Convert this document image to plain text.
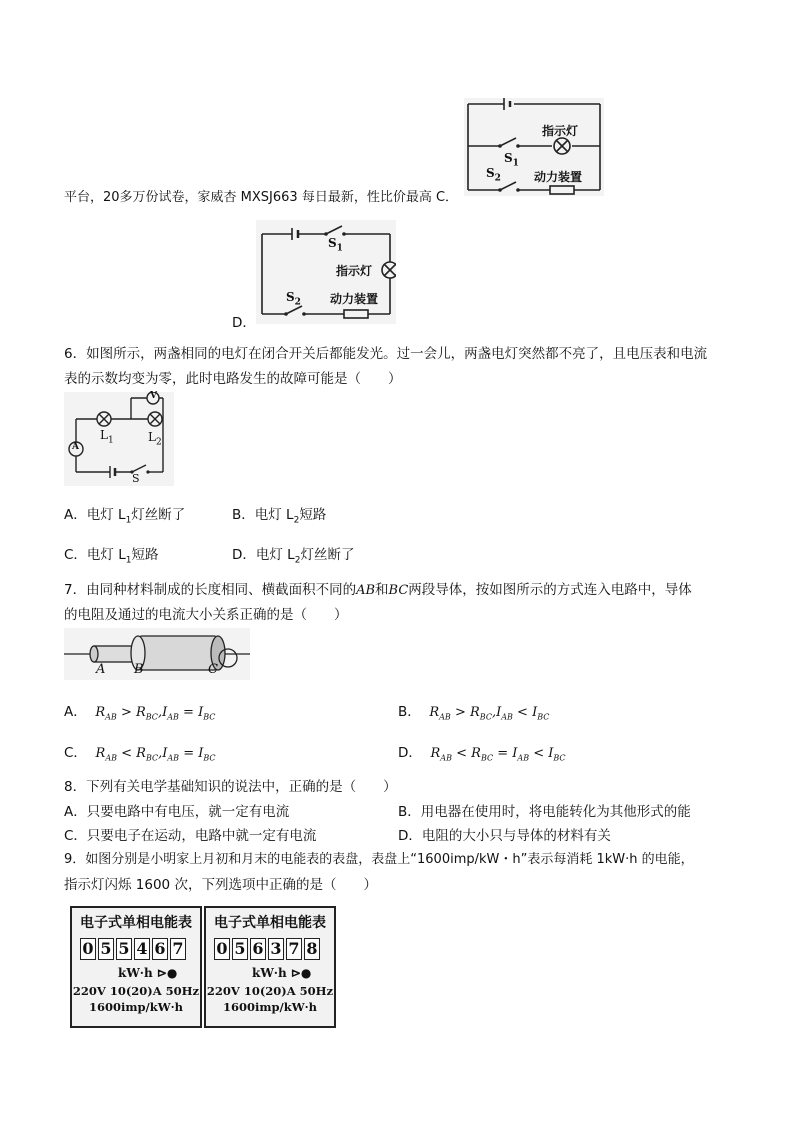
指示灯
$S_1$
$S_2$	动力装置
平台，20多万份试卷，家威杏 MXSJ663 每日最新，性比价最高 C．
D．
$S_1$
指示灯
$S_2$ 动力装置
6．如图所示，两盏相同的电灯在闭合开关后都能发光。过一会儿，两盏电灯突然都不亮了，且电压表和电流
表的示数均变为零，此时电路发生的故障可能是（　　）
V
A
$L_1$	$L_2$
S
A．电灯 $L_1$灯丝断了	B．电灯 $L_2$短路
C．电灯 $L_1$短路	D．电灯 $L_2$灯丝断了
7．由同种材料制成的长度相同、横截面积不同的AB和BC两段导体，按如图所示的方式连入电路中，导体
的电阻及通过的电流大小关系正确的是（　　）
A B	C
A． $R_{AB} > R_{BC},I_{AB} = I_{BC}$	B． $R_{AB} > R_{BC},I_{AB} < I_{BC}$
C． $R_{AB} < R_{BC},I_{AB} = I_{BC}$	D． $R_{AB} < R_{BC} = I_{AB} < I_{BC}$
8．下列有关电学基础知识的说法中，正确的是（　　）
A．只要电路中有电压，就一定有电流	B．用电器在使用时，将电能转化为其他形式的能
C．只要电子在运动，电路中就一定有电流	D．电阻的大小只与导体的材料有关
9．如图分别是小明家上月初和月末的电能表的表盘，表盘上“1600imp/kW・h”表示每消耗 1kW·h 的电能，
指示灯闪烁 1600 次，下列选项中正确的是（　　）
电子式单相电能表
0 5 5 4 6 7
kW·h ⊳●
220V 10(20)A 50Hz
1600imp/kW·h
电子式单相电能表
0 5 6 3 7 8
kW·h ⊳●
220V 10(20)A 50Hz
1600imp/kW·h
